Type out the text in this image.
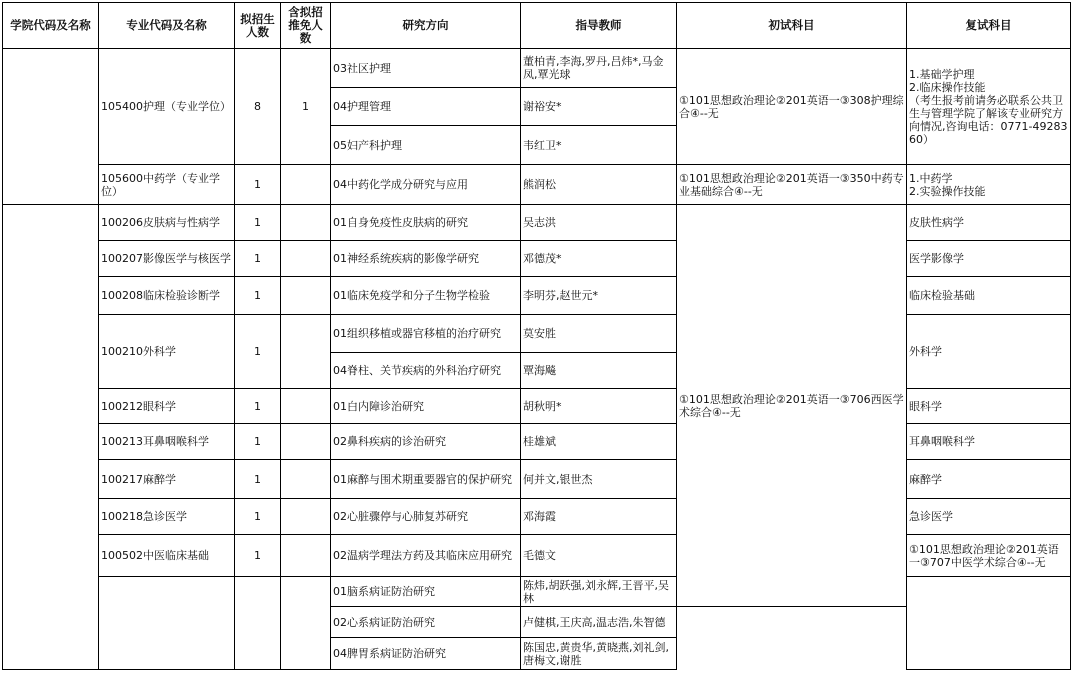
学院代码及名称	专业代码及名称	拟招生人数	含拟招推免人数	研究方向	指导教师	初试科目	复试科目	
	105400护理（专业学位）	8	1	03社区护理	董柏青,李海,罗丹,吕炜*,马金凤,覃光球	①101思想政治理论②201英语一③308护理综合④--无	1.基础学护理
2.临床操作技能
（考生报考前请务必联系公共卫生与管理学院了解该专业研究方向情况,咨询电话：0771-4928360）	
				04护理管理	谢裕安*			
				05妇产科护理	韦红卫*			
	105600中药学（专业学位）	1		04中药化学成分研究与应用	熊润松	①101思想政治理论②201英语一③350中药专业基础综合④--无	1.中药学
2.实验操作技能	
	100206皮肤病与性病学	1		01自身免疫性皮肤病的研究	吴志洪	①101思想政治理论②201英语一③706西医学术综合④--无	皮肤性病学	
	100207影像医学与核医学	1		01神经系统疾病的影像学研究	邓德茂*		医学影像学	
	100208临床检验诊断学	1		01临床免疫学和分子生物学检验	李明芬,赵世元*		临床检验基础	
	100210外科学	1		01组织移植或器官移植的治疗研究	莫安胜		外科学	
				04脊柱、关节疾病的外科治疗研究	覃海飚			
	100212眼科学	1		01白内障诊治研究	胡秋明*		眼科学	
	100213耳鼻咽喉科学	1		02鼻科疾病的诊治研究	桂雄斌		耳鼻咽喉科学	
	100217麻醉学	1		01麻醉与围术期重要器官的保护研究	何并文,银世杰		麻醉学	
	100218急诊医学	1		02心脏骤停与心肺复苏研究	邓海霞		急诊医学	
	100502中医临床基础	1		02温病学理法方药及其临床应用研究	毛德文		①101思想政治理论②201英语一③707中医学术综合④--无	
				01脑系病证防治研究	陈炜,胡跃强,刘永辉,王晋平,吴林			
				02心系病证防治研究	卢健棋,王庆高,温志浩,朱智德			
				04脾胃系病证防治研究	陈国忠,黄贵华,黄晓燕,刘礼剑,唐梅文,谢胜			
